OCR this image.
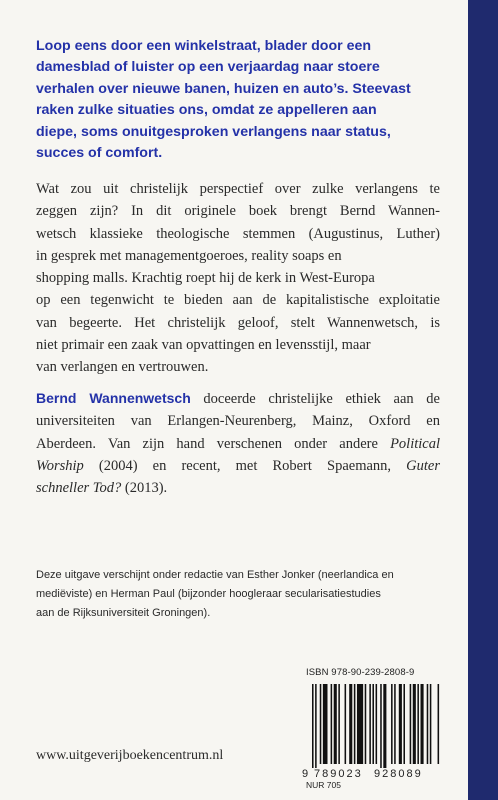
Loop eens door een winkelstraat, blader door een

damesblad of luister op een verjaardag naar stoere

verhalen over nieuwe banen, huizen en auto’s. Steevast

raken zulke situaties ons, omdat ze appelleren aan

diepe, soms onuitgesproken verlangens naar status,

succes of comfort.

Wat zou uit christelijk perspectief over zulke verlangens te
zeggen zijn? In dit originele boek brengt Bernd Wannen-
wetsch klassieke theologische stemmen (Augustinus, Luther)
in gesprek met managementgoeroes, reality soaps en
shopping malls. Krachtig roept hij de kerk in West-Europa
op een tegenwicht te bieden aan de kapitalistische exploitatie
van begeerte. Het christelijk geloof, stelt Wannenwetsch, is
niet primair een zaak van opvattingen en levensstijl, maar
van verlangen en vertrouwen.
Bernd Wannenwetsch doceerde christelijke ethiek aan de
universiteiten van Erlangen-Neurenberg, Mainz, Oxford en
Aberdeen. Van zijn hand verschenen onder andere Political
Worship (2004) en recent, met Robert Spaemann, Guter
schneller Tod? (2013).
Deze uitgave verschijnt onder redactie van Esther Jonker (neerlandica en
mediëviste) en Herman Paul (bijzonder hoogleraar secularisatiestudies
aan de Rijksuniversiteit Groningen).
ISBN 978-90-239-2808-9
9 789023 928089
NUR 705
www.uitgeverijboekencentrum.nl
